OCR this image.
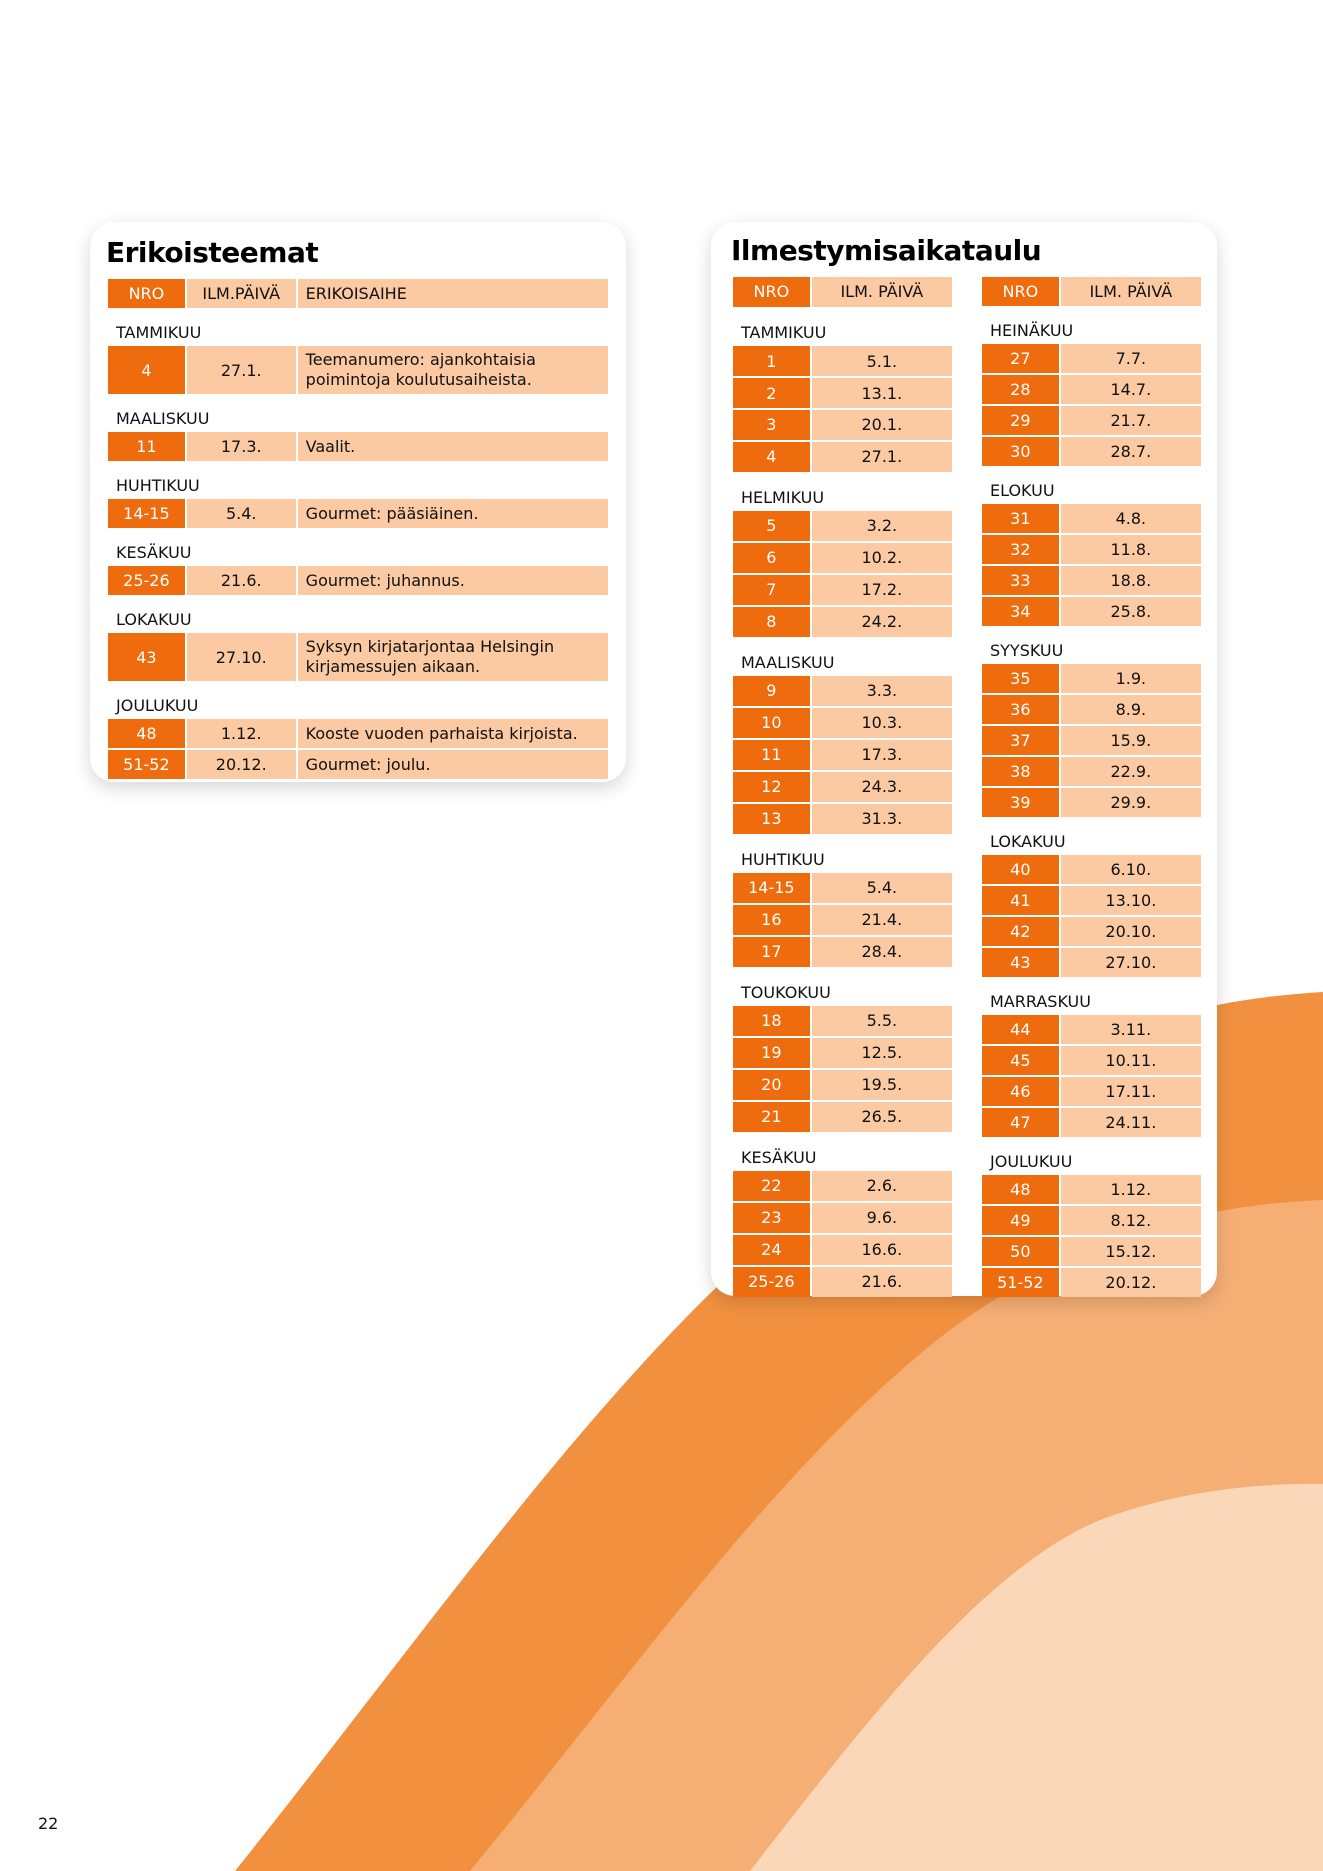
Erikoisteemat
NRO	ILM.PÄIVÄ	ERIKOISAIHE
TAMMIKUU		
4	27.1.	Teemanumero: ajankohtaisia poimintoja koulutusaiheista.
MAALISKUU		
11	17.3.	Vaalit.
HUHTIKUU		
14-15	5.4.	Gourmet: pääsiäinen.
KESÄKUU		
25-26	21.6.	Gourmet: juhannus.
LOKAKUU		
43	27.10.	Syksyn kirjatarjontaa Helsingin kirjamessujen aikaan.
JOULUKUU		
48	1.12.	Kooste vuoden parhaista kirjoista.
51-52	20.12.	Gourmet: joulu.
Ilmestymisaikataulu
NRO	ILM. PÄIVÄ
TAMMIKUU	
1	5.1.
2	13.1.
3	20.1.
4	27.1.
HELMIKUU	
5	3.2.
6	10.2.
7	17.2.
8	24.2.
MAALISKUU	
9	3.3.
10	10.3.
11	17.3.
12	24.3.
13	31.3.
HUHTIKUU	
14-15	5.4.
16	21.4.
17	28.4.
TOUKOKUU	
18	5.5.
19	12.5.
20	19.5.
21	26.5.
KESÄKUU	
22	2.6.
23	9.6.
24	16.6.
25-26	21.6.
NRO	ILM. PÄIVÄ
HEINÄKUU	
27	7.7.
28	14.7.
29	21.7.
30	28.7.
ELOKUU	
31	4.8.
32	11.8.
33	18.8.
34	25.8.
SYYSKUU	
35	1.9.
36	8.9.
37	15.9.
38	22.9.
39	29.9.
LOKAKUU	
40	6.10.
41	13.10.
42	20.10.
43	27.10.
MARRASKUU	
44	3.11.
45	10.11.
46	17.11.
47	24.11.
JOULUKUU	
48	1.12.
49	8.12.
50	15.12.
51-52	20.12.
22
